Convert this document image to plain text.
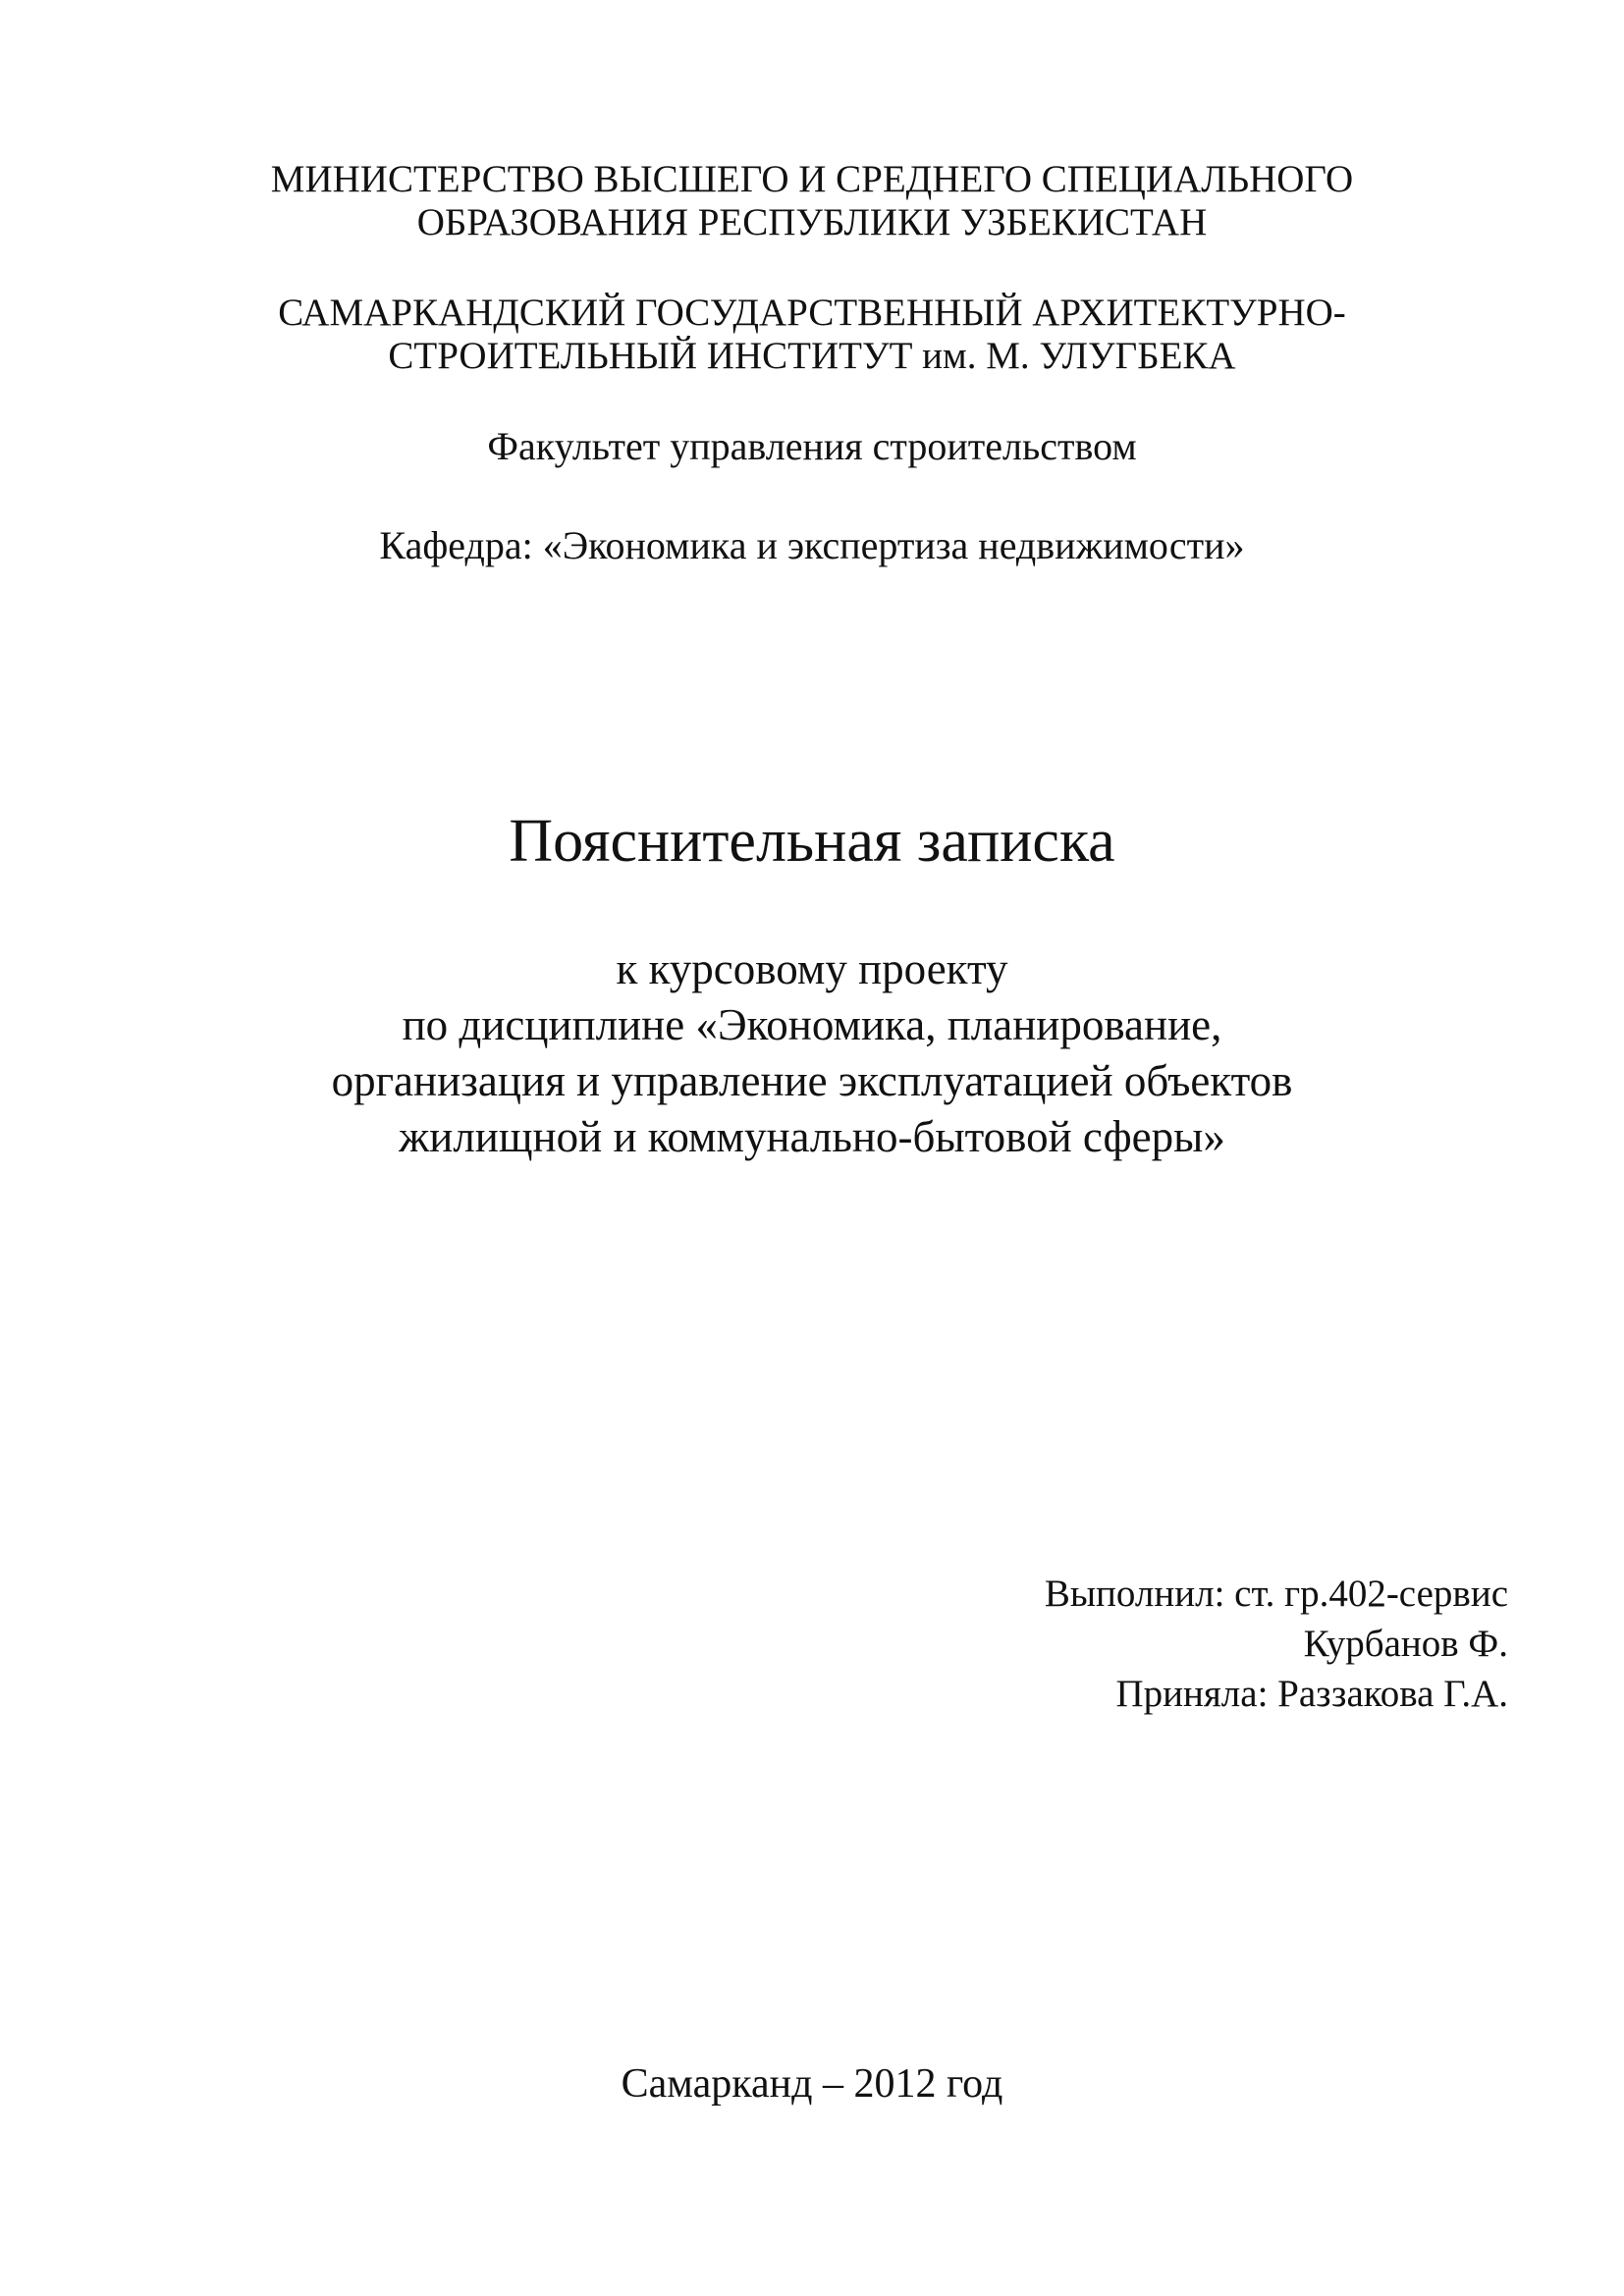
МИНИСТЕРСТВО ВЫСШЕГО И СРЕДНЕГО СПЕЦИАЛЬНОГО
ОБРАЗОВАНИЯ РЕСПУБЛИКИ УЗБЕКИСТАН
САМАРКАНДСКИЙ ГОСУДАРСТВЕННЫЙ АРХИТЕКТУРНО-
СТРОИТЕЛЬНЫЙ ИНСТИТУТ им. М. УЛУГБЕКА
Факультет управления строительством
Кафедра: «Экономика и экспертиза недвижимости»
Пояснительная записка
к курсовому проекту
по дисциплине «Экономика, планирование,
организация и управление эксплуатацией объектов
жилищной и коммунально-бытовой сферы»
Выполнил: ст. гр.402-сервис
Курбанов Ф.
Приняла: Раззакова Г.А.
Самарканд – 2012 год
